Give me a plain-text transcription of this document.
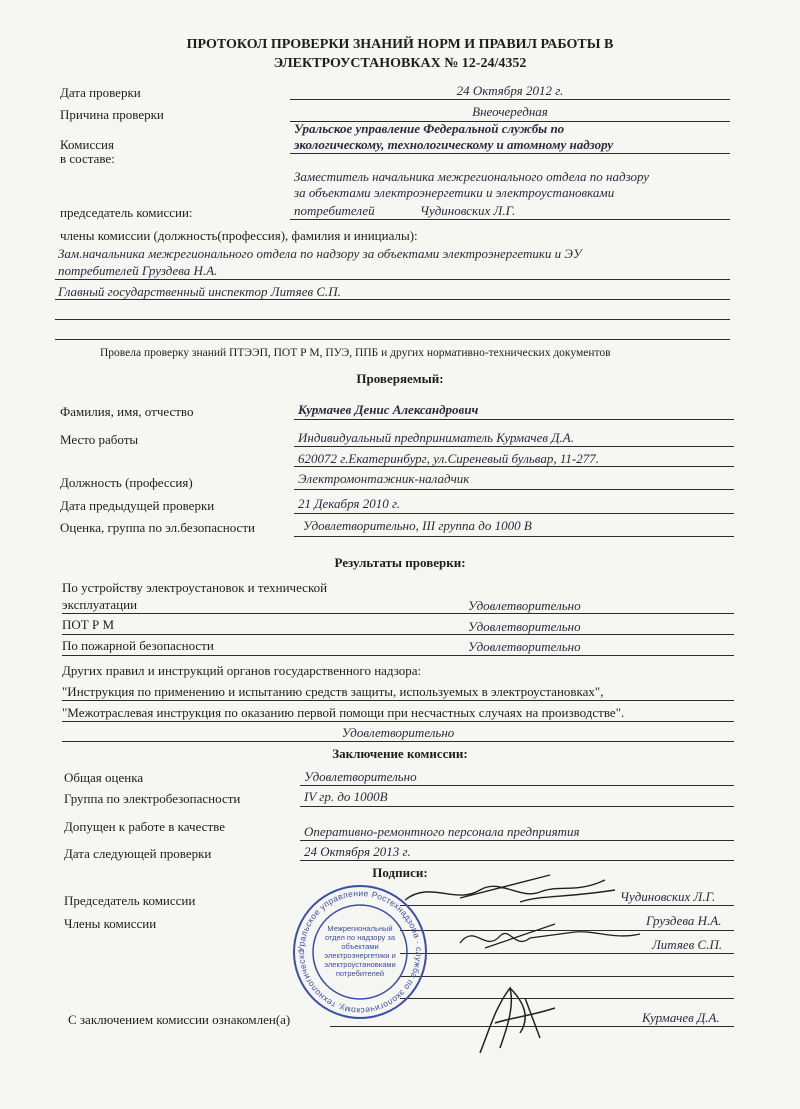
ПРОТОКОЛ ПРОВЕРКИ ЗНАНИЙ НОРМ И ПРАВИЛ РАБОТЫ В
ЭЛЕКТРОУСТАНОВКАХ № 12-24/4352
Дата проверки	24 Октября 2012 г.
Причина проверки	Внеочередная
Комиссия
в составе:
Уральское управление Федеральной службы по
экологическому, технологическому и атомному надзору
Заместитель начальника межрегионального отдела по надзору
за объектами электроэнергетики и электроустановками
потребителей	Чудиновских Л.Г.
председатель комиссии:
члены комиссии (должность(профессия), фамилия и инициалы):
Зам.начальника межрегионального отдела по надзору за объектами электроэнергетики и ЭУ
потребителей Груздева Н.А.
Главный государственный инспектор Литяев С.П.
Провела проверку знаний ПТЭЭП, ПОТ Р М, ПУЭ, ППБ и других нормативно-технических документов
Проверяемый:
Фамилия, имя, отчество	Курмачев Денис Александрович
Место работы	Индивидуальный предприниматель Курмачев Д.А.
620072 г.Екатеринбург, ул.Сиреневый бульвар, 11-277.
Должность (профессия)	Электромонтажник-наладчик
Дата предыдущей проверки	21 Декабря 2010 г.
Оценка, группа по эл.безопасности	Удовлетворительно, III группа до 1000 В
Результаты проверки:
По устройству электроустановок и технической
эксплуатации	Удовлетворительно
ПОТ Р М	Удовлетворительно
По пожарной безопасности	Удовлетворительно
Других правил и инструкций органов государственного надзора:
"Инструкция по применению и испытанию средств защиты, используемых в электроустановках",
"Межотраслевая инструкция по оказанию первой помощи при несчастных случаях на производстве".
Удовлетворительно
Заключение комиссии:
Общая оценка	Удовлетворительно
Группа по электробезопасности	IV гр. до 1000В
Допущен к работе в качестве	Оперативно-ремонтного персонала предприятия
Дата следующей проверки	24 Октября 2013 г.
Подписи:
Председатель комиссии	Чудиновских Л.Г.
Члены комиссии	Груздева Н.А.
Литяев С.П.
С заключением комиссии ознакомлен(а)	Курмачев Д.А.
Уральское управление Ростехнадзора · служба по экологическому, технологическому и атомному надзору ·
Межрегиональный
отдел по надзору за
объектами
электроэнергетики и
электроустановками
потребителей
